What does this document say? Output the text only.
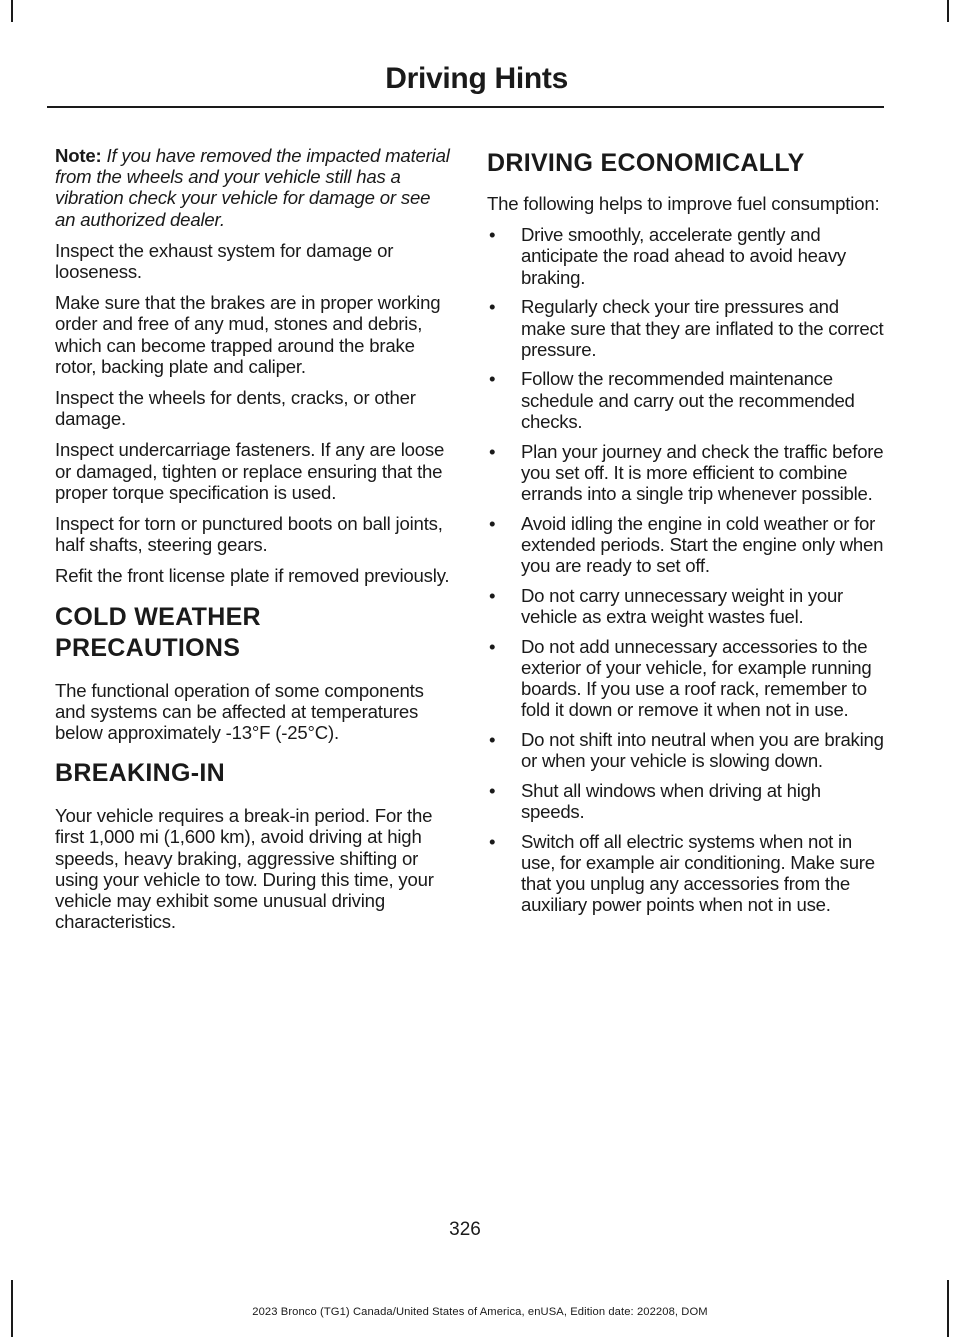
Driving Hints

Note: If you have removed the impacted material from the wheels and your vehicle still has a vibration check your vehicle for damage or see an authorized dealer.

Inspect the exhaust system for damage or looseness.

Make sure that the brakes are in proper working order and free of any mud, stones and debris, which can become trapped around the brake rotor, backing plate and caliper.

Inspect the wheels for dents, cracks, or other damage.

Inspect undercarriage fasteners. If any are loose or damaged, tighten or replace ensuring that the proper torque specification is used.

Inspect for torn or punctured boots on ball joints, half shafts, steering gears.

Refit the front license plate if removed previously.

COLD WEATHER
PRECAUTIONS

The functional operation of some components and systems can be affected at temperatures below approximately -13°F (-25°C).

BREAKING-IN

Your vehicle requires a break-in period. For the first 1,000 mi (1,600 km), avoid driving at high speeds, heavy braking, aggressive shifting or using your vehicle to tow. During this time, your vehicle may exhibit some unusual driving characteristics.

DRIVING ECONOMICALLY

The following helps to improve fuel consumption:

• Drive smoothly, accelerate gently and anticipate the road ahead to avoid heavy braking.
• Regularly check your tire pressures and make sure that they are inflated to the correct pressure.
• Follow the recommended maintenance schedule and carry out the recommended checks.
• Plan your journey and check the traffic before you set off. It is more efficient to combine errands into a single trip whenever possible.
• Avoid idling the engine in cold weather or for extended periods. Start the engine only when you are ready to set off.
• Do not carry unnecessary weight in your vehicle as extra weight wastes fuel.
• Do not add unnecessary accessories to the exterior of your vehicle, for example running boards. If you use a roof rack, remember to fold it down or remove it when not in use.
• Do not shift into neutral when you are braking or when your vehicle is slowing down.
• Shut all windows when driving at high speeds.
• Switch off all electric systems when not in use, for example air conditioning. Make sure that you unplug any accessories from the auxiliary power points when not in use.
326
2023 Bronco (TG1) Canada/United States of America, enUSA, Edition date: 202208, DOM
